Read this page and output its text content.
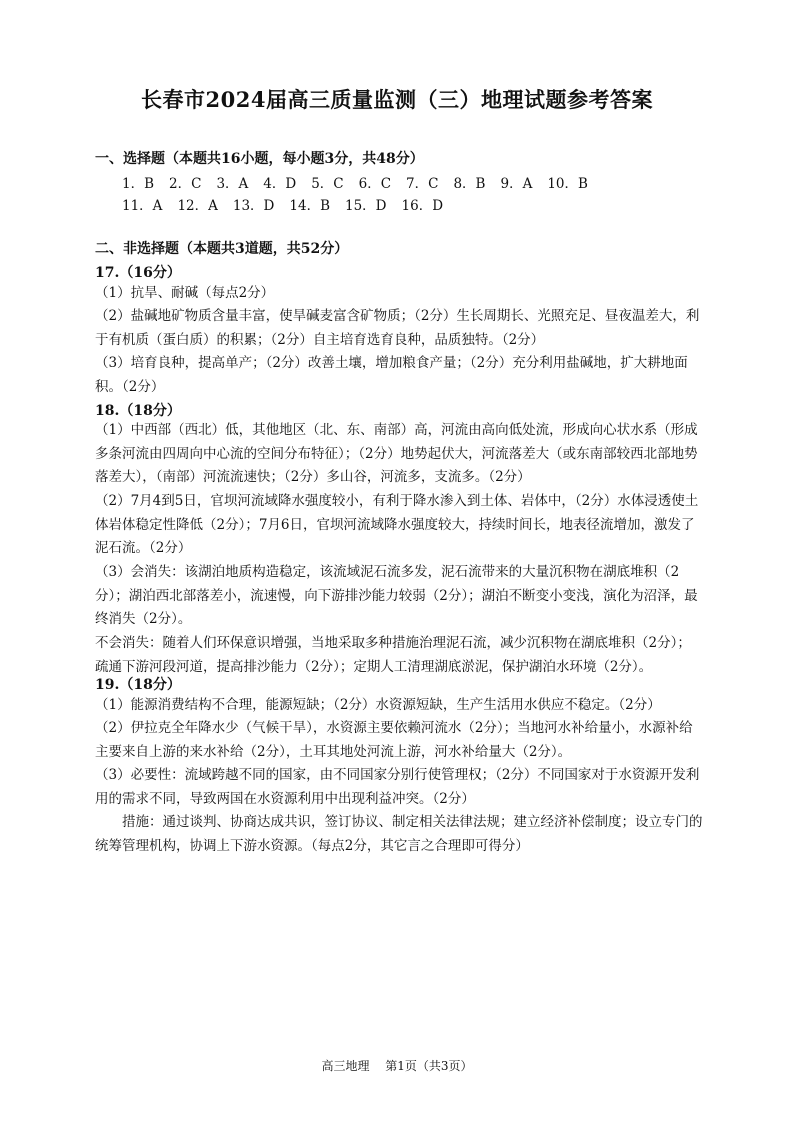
长春市2024届高三质量监测（三）地理试题参考答案
一、选择题（本题共16小题，每小题3分，共48分）
1．B 2．C 3．A 4．D 5．C 6．C 7．C 8．B 9．A 10．B
11．A 12．A 13．D 14．B 15．D 16．D
二、非选择题（本题共3道题，共52分）
17.（16分）
（1）抗旱、耐碱（每点2分）
（2）盐碱地矿物质含量丰富，使旱碱麦富含矿物质；（2分）生长周期长、光照充足、昼夜温差大，利于有机质（蛋白质）的积累；（2分）自主培育选育良种，品质独特。（2分）
（3）培育良种，提高单产；（2分）改善土壤，增加粮食产量；（2分）充分利用盐碱地，扩大耕地面积。（2分）
18.（18分）
（1）中西部（西北）低，其他地区（北、东、南部）高，河流由高向低处流，形成向心状水系（形成多条河流由四周向中心流的空间分布特征）；（2分）地势起伏大，河流落差大（或东南部较西北部地势落差大），（南部）河流流速快；（2分）多山谷，河流多，支流多。（2分）
（2）7月4到5日，官坝河流域降水强度较小，有利于降水渗入到土体、岩体中，（2分）水体浸透使土体岩体稳定性降低（2分）；7月6日，官坝河流域降水强度较大，持续时间长，地表径流增加，激发了泥石流。（2分）
（3）会消失：该湖泊地质构造稳定，该流域泥石流多发，泥石流带来的大量沉积物在湖底堆积（2分）；湖泊西北部落差小，流速慢，向下游排沙能力较弱（2分）；湖泊不断变小变浅，演化为沼泽，最终消失（2分）。
不会消失：随着人们环保意识增强，当地采取多种措施治理泥石流，减少沉积物在湖底堆积（2分）；疏通下游河段河道，提高排沙能力（2分）；定期人工清理湖底淤泥，保护湖泊水环境（2分）。
19.（18分）
（1）能源消费结构不合理，能源短缺；（2分）水资源短缺，生产生活用水供应不稳定。（2分）
（2）伊拉克全年降水少（气候干旱），水资源主要依赖河流水（2分）；当地河水补给量小，水源补给主要来自上游的来水补给（2分），土耳其地处河流上游，河水补给量大（2分）。
（3）必要性：流域跨越不同的国家，由不同国家分别行使管理权；（2分）不同国家对于水资源开发利用的需求不同，导致两国在水资源利用中出现利益冲突。（2分）
措施：通过谈判、协商达成共识，签订协议、制定相关法律法规；建立经济补偿制度；设立专门的统筹管理机构，协调上下游水资源。（每点2分，其它言之合理即可得分）
高三地理　 第1页（共3页）
